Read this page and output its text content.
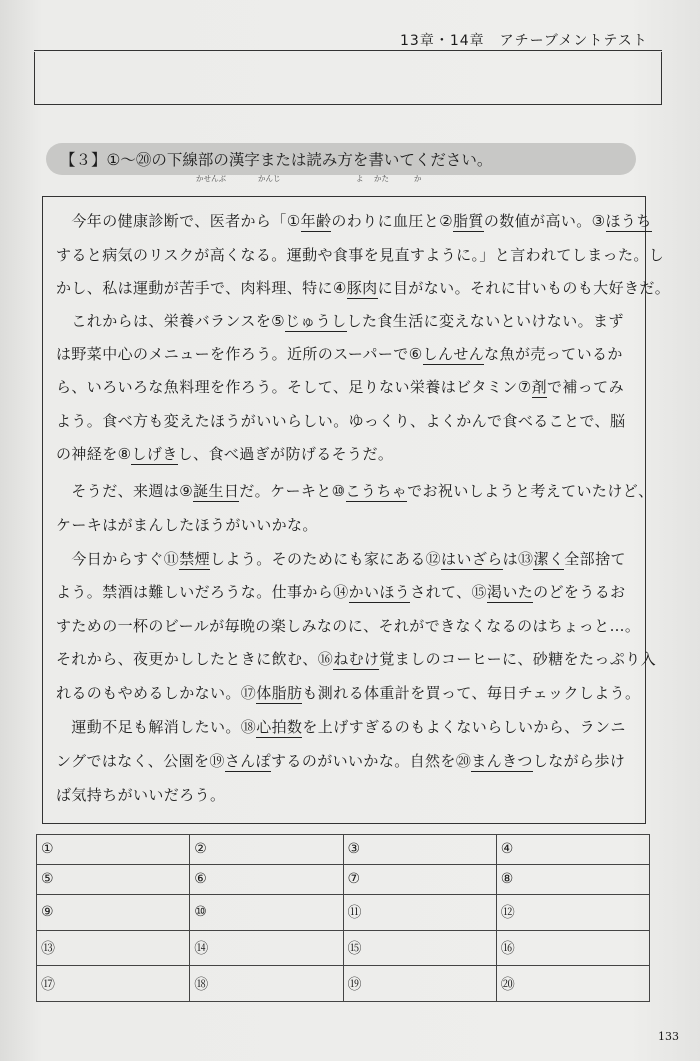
13章・14章　アチーブメントテスト
【３】①～⑳の下線部の漢字または読み方を書いてください。
かせんぶ	かんじ	よ かた	か
　今年の健康診断で、医者から「①年齢のわりに血圧と②脂質の数値が高い。③ほうち
すると病気のリスクが高くなる。運動や食事を見直すように。」と言われてしまった。し
かし、私は運動が苦手で、肉料理、特に④豚肉に目がない。それに甘いものも大好きだ。
　これからは、栄養バランスを⑤じゅうしした食生活に変えないといけない。まず
は野菜中心のメニューを作ろう。近所のスーパーで⑥しんせんな魚が売っているか
ら、いろいろな魚料理を作ろう。そして、足りない栄養はビタミン⑦剤で補ってみ
よう。食べ方も変えたほうがいいらしい。ゆっくり、よくかんで食べることで、脳
の神経を⑧しげきし、食べ過ぎが防げるそうだ。
　そうだ、来週は⑨誕生日だ。ケーキと⑩こうちゃでお祝いしようと考えていたけど、
ケーキはがまんしたほうがいいかな。
　今日からすぐ⑪禁煙しよう。そのためにも家にある⑫はいざらは⑬潔く全部捨て
よう。禁酒は難しいだろうな。仕事から⑭かいほうされて、⑮渇いたのどをうるお
すための一杯のビールが毎晩の楽しみなのに、それができなくなるのはちょっと…。
それから、夜更かししたときに飲む、⑯ねむけ覚ましのコーヒーに、砂糖をたっぷり入
れるのもやめるしかない。⑰体脂肪も測れる体重計を買って、毎日チェックしよう。
　運動不足も解消したい。⑱心拍数を上げすぎるのもよくないらしいから、ランニ
ングではなく、公園を⑲さんぽするのがいいかな。自然を⑳まんきつしながら歩け
ば気持ちがいいだろう。
①	②	③	④
⑤	⑥	⑦	⑧
⑨	⑩	⑪	⑫
⑬	⑭	⑮	⑯
⑰	⑱	⑲	⑳
133
